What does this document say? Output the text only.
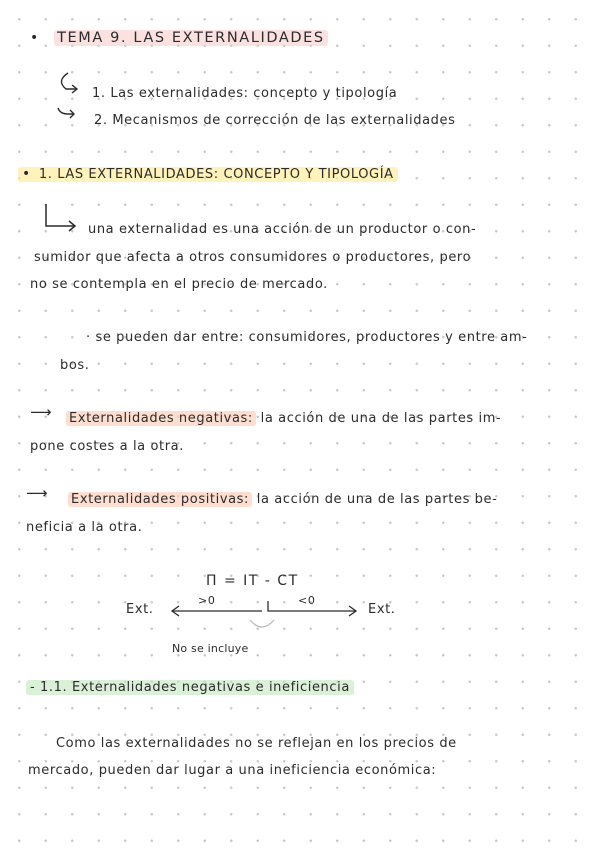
• TEMA 9. LAS EXTERNALIDADES
1. Las externalidades: concepto y tipología
2. Mecanismos de corrección de las externalidades
• 1. LAS EXTERNALIDADES: CONCEPTO Y TIPOLOGÍA
una externalidad es una acción de un productor o con-
sumidor que afecta a otros consumidores o productores, pero
no se contempla en el precio de mercado.
· se pueden dar entre: consumidores, productores y entre am-
bos.
⟶ Externalidades negativas: la acción de una de las partes im-
pone costes a la otra.
⟶ Externalidades positivas: la acción de una de las partes be-
neficia a la otra.
Π = IT - CT
Ext.
>0	<0
Ext.
No se incluye
- 1.1. Externalidades negativas e ineficiencia
Como las externalidades no se reflejan en los precios de
mercado, pueden dar lugar a una ineficiencia económica:
